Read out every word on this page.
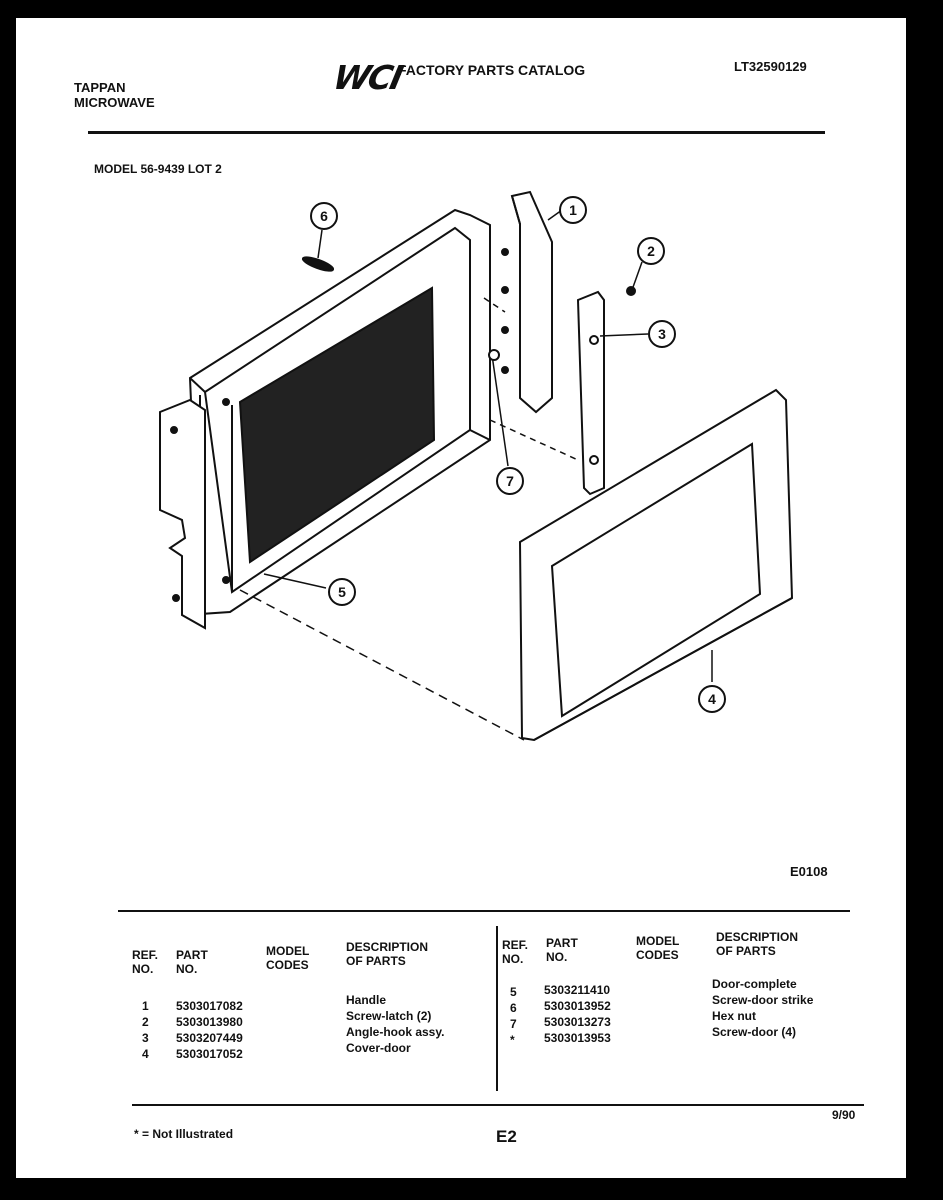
TAPPAN
MICROWAVE
WCI
FACTORY PARTS CATALOG	LT32590129
MODEL 56-9439 LOT 2
1
2
3
4
5
6
7
E0108
REF.
NO.
PART
NO.
MODEL
CODES
DESCRIPTION
OF PARTS
REF.
NO.
PART
NO.
MODEL
CODES
DESCRIPTION
OF PARTS
1
2
3
4
5303017082
5303013980
5303207449
5303017052
Handle
Screw-latch (2)
Angle-hook assy.
Cover-door
5
6
7
*
5303211410
5303013952
5303013273
5303013953
Door-complete
Screw-door strike
Hex nut
Screw-door (4)
* = Not Illustrated	E2
9/90
